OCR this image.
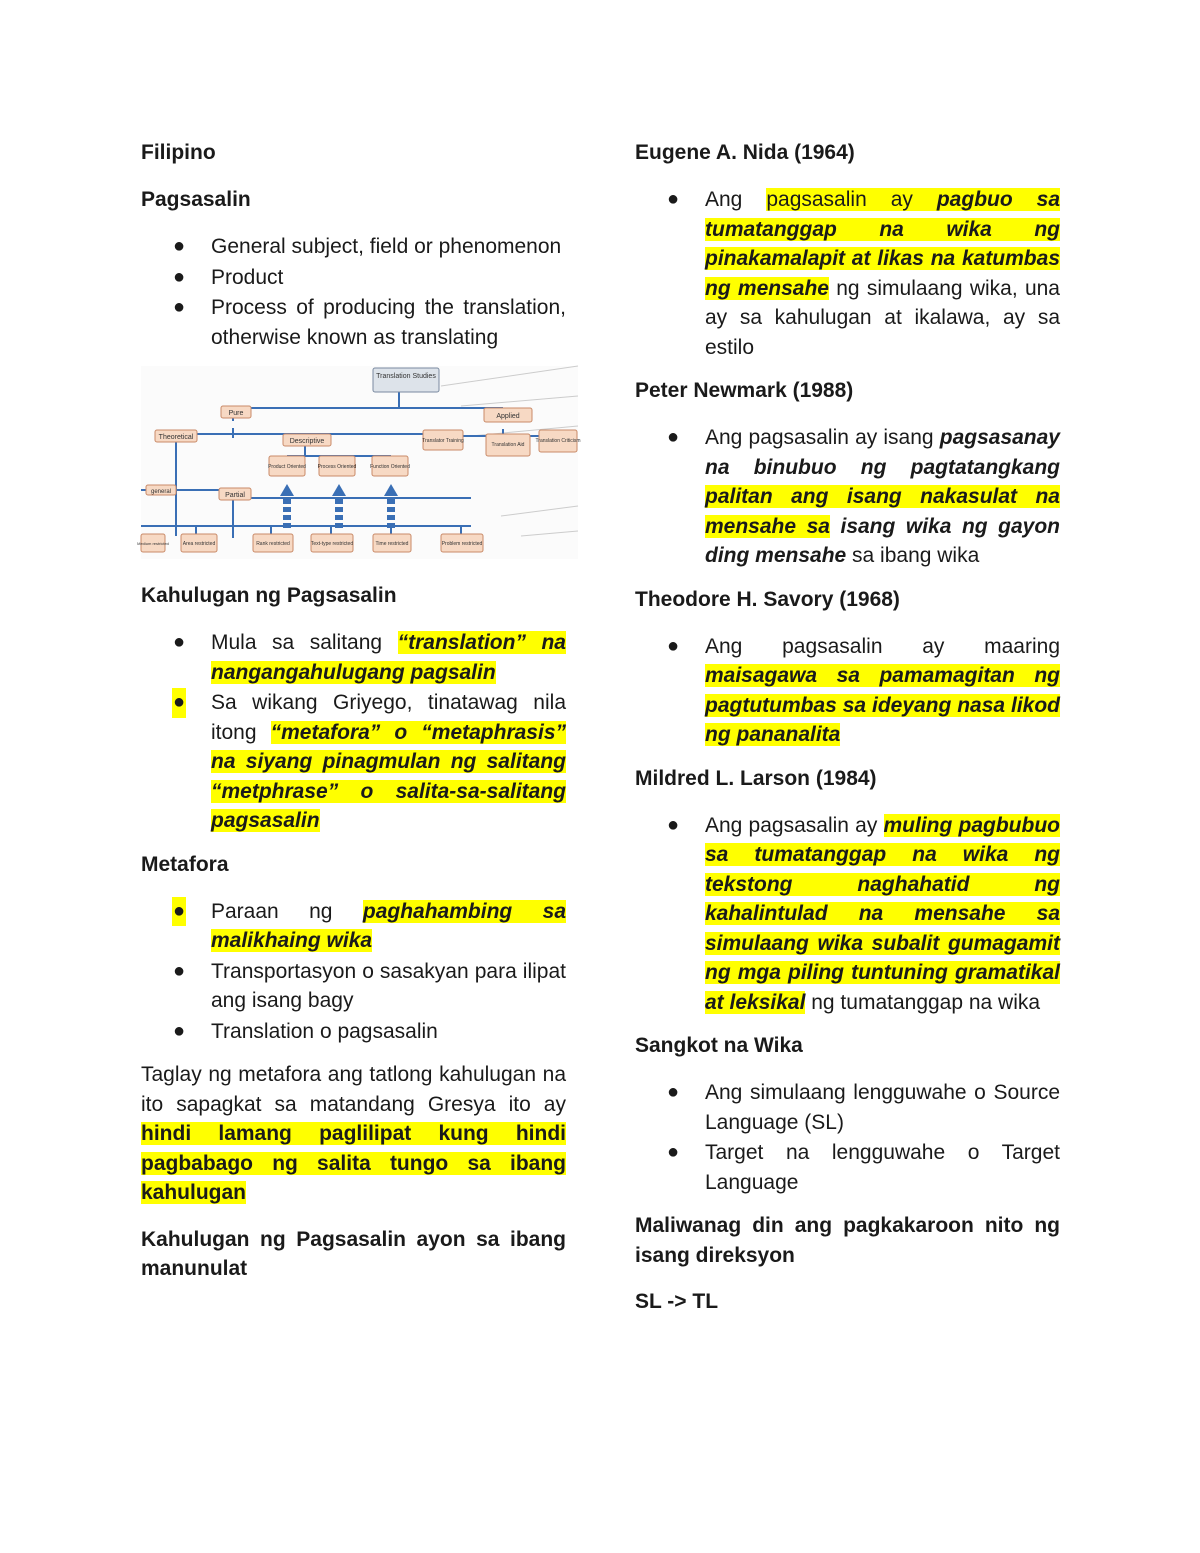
Filipino
Pagsasalin
● General subject, field or phenomenon
● Product
● Process of producing the translation, otherwise known as translating
Translation Studies
Pure	Applied
Theoretical
Descriptive	Translator Training
Translation Aid
Translation Criticism
Product Oriented Process Oriented	Function Oriented
general	Partial
Medium restricted	Area restricted	Rank restricted	Text-type restricted	Time restricted	Problem restricted
Kahulugan ng Pagsasalin
● Mula sa salitang “translation” na nangangahulugang pagsalin
● Sa wikang Griyego, tinatawag nila itong “metafora” o “metaphrasis” na siyang pinagmulan ng salitang “metphrase” o salita-sa-salitang pagsasalin
Metafora
● Paraan ng paghahambing sa malikhaing wika
● Transportasyon o sasakyan para ilipat ang isang bagy
● Translation o pagsasalin

Taglay ng metafora ang tatlong kahulugan na ito sapagkat sa matandang Gresya ito ay hindi lamang paglilipat kung hindi pagbabago ng salita tungo sa ibang kahulugan

Kahulugan ng Pagsasalin ayon sa ibang manunulat
Eugene A. Nida (1964)
● Ang pagsasalin ay pagbuo sa tumatanggap na wika ng pinakamalapit at likas na katumbas ng mensahe ng simulaang wika, una ay sa kahulugan at ikalawa, ay sa estilo
Peter Newmark (1988)
● Ang pagsasalin ay isang pagsasanay na binubuo ng pagtatangkang palitan ang isang nakasulat na mensahe sa isang wika ng gayon ding mensahe sa ibang wika
Theodore H. Savory (1968)
● Ang pagsasalin ay maaring maisagawa sa pamamagitan ng pagtutumbas sa ideyang nasa likod ng pananalita
Mildred L. Larson (1984)
● Ang pagsasalin ay muling pagbubuo sa tumatanggap na wika ng tekstong naghahatid ng kahalintulad na mensahe sa simulaang wika subalit gumagamit ng mga piling tuntuning gramatikal at leksikal ng tumatanggap na wika
Sangkot na Wika
● Ang simulaang lengguwahe o Source Language (SL)
● Target na lengguwahe o Target Language
Maliwanag din ang pagkakaroon nito ng isang direksyon
SL -> TL
